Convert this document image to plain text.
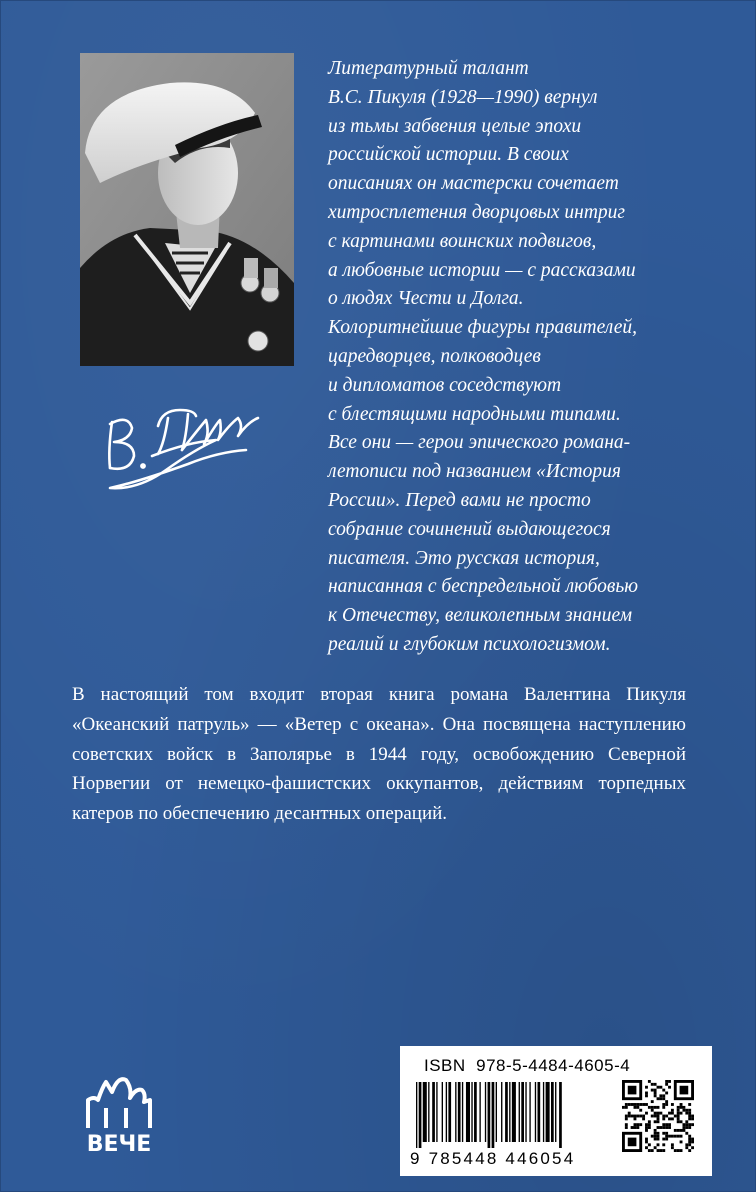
Литературный талант
В.С. Пикуля (1928—1990) вернул
из тьмы забвения целые эпохи
российской истории. В своих
описаниях он мастерски сочетает
хитросплетения дворцовых интриг
с картинами воинских подвигов,
а любовные истории — с рассказами
о людях Чести и Долга.
Колоритнейшие фигуры правителей,
царедворцев, полководцев
и дипломатов соседствуют
с блестящими народными типами.
Все они — герои эпического романа-
летописи под названием «История
России». Перед вами не просто
собрание сочинений выдающегося
писателя. Это русская история,
написанная с беспредельной любовью
к Отечеству, великолепным знанием
реалий и глубоким психологизмом.

В настоящий том входит вторая книга романа Валентина Пикуля «Океанский патруль» — «Ветер с океана». Она посвящена наступлению советских войск в Заполярье в 1944 году, освобождению Северной Норвегии от немецко-фашистских оккупантов, действиям торпедных катеров по обеспечению десантных операций.

ВЕЧЕ

ISBN  978-5-4484-4605-4

9 785448 446054
